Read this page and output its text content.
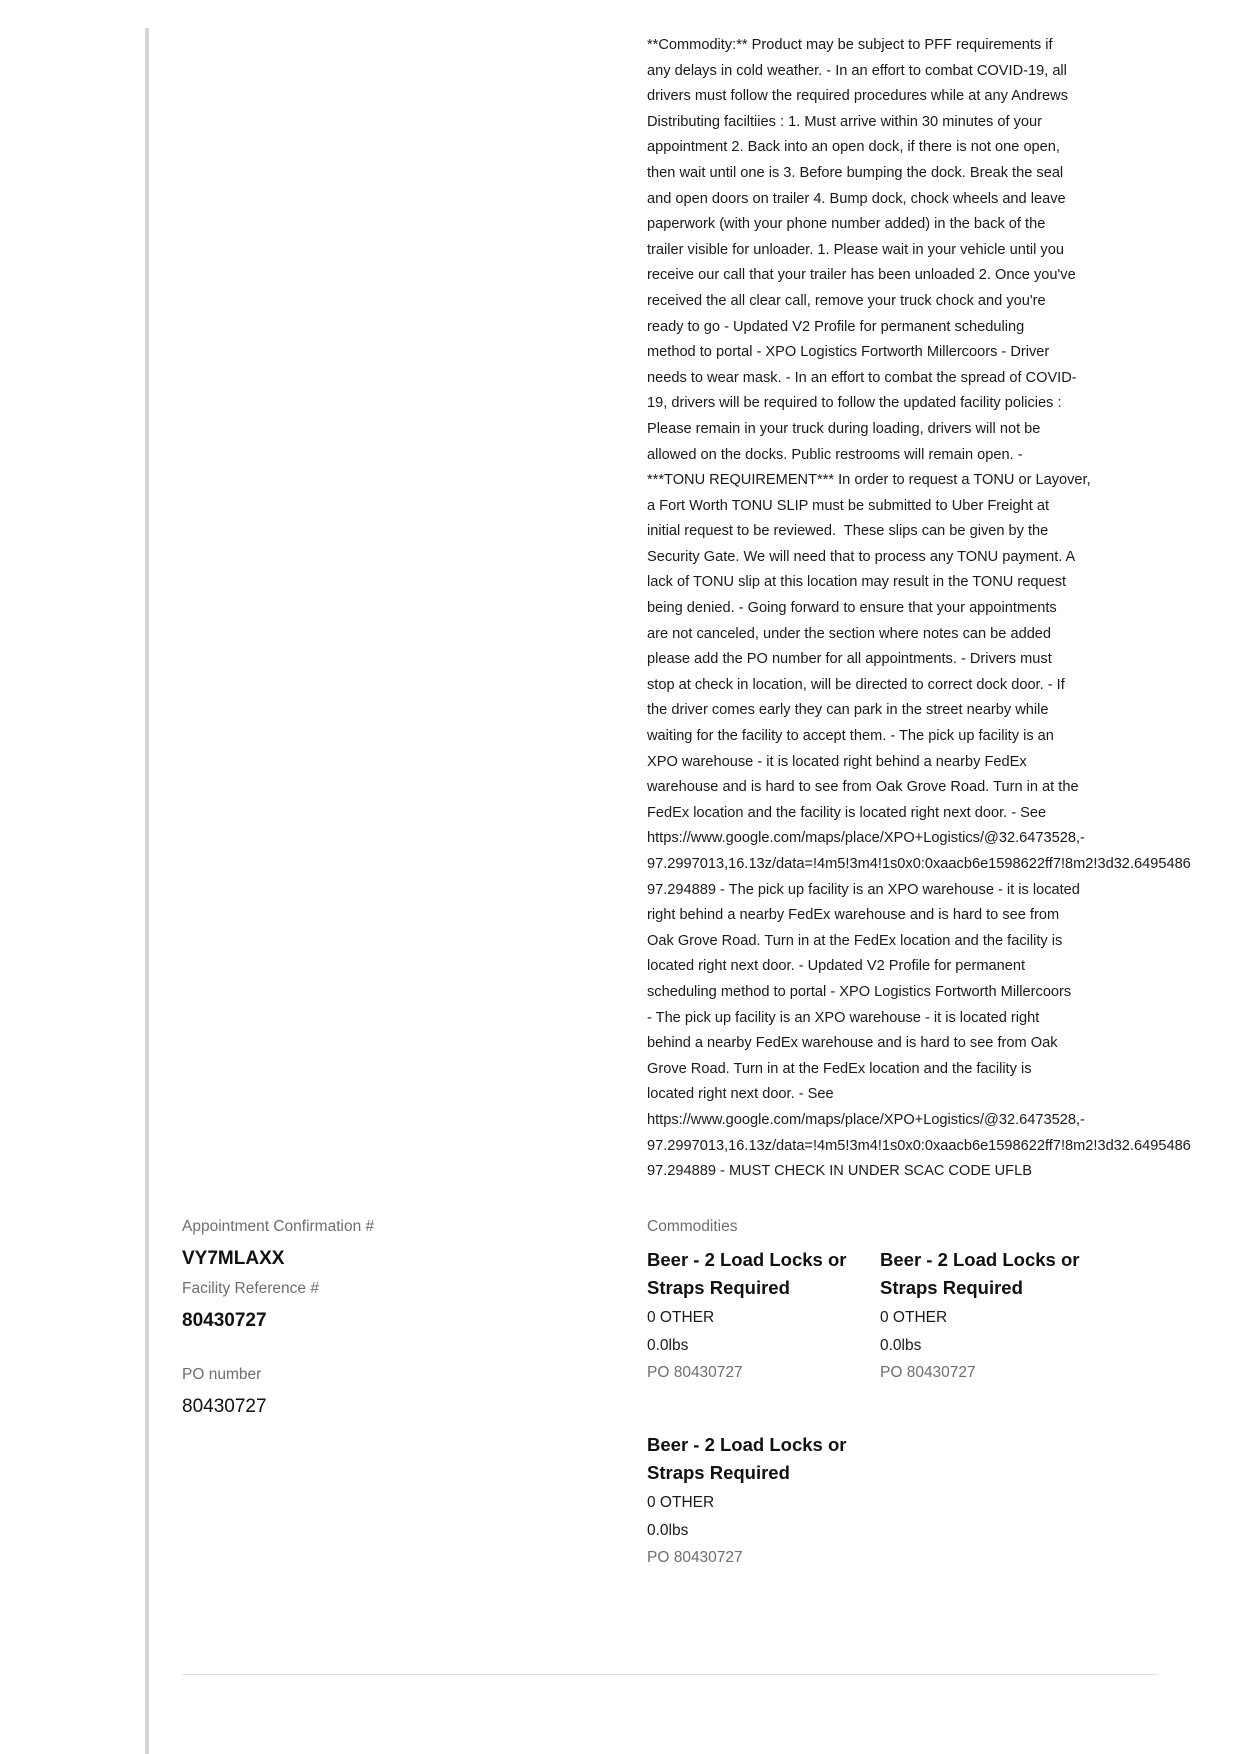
**Commodity:** Product may be subject to PFF requirements if
any delays in cold weather. - In an effort to combat COVID-19, all
drivers must follow the required procedures while at any Andrews
Distributing faciltiies : 1. Must arrive within 30 minutes of your
appointment 2. Back into an open dock, if there is not one open,
then wait until one is 3. Before bumping the dock. Break the seal
and open doors on trailer 4. Bump dock, chock wheels and leave
paperwork (with your phone number added) in the back of the
trailer visible for unloader. 1. Please wait in your vehicle until you
receive our call that your trailer has been unloaded 2. Once you've
received the all clear call, remove your truck chock and you're
ready to go - Updated V2 Profile for permanent scheduling
method to portal - XPO Logistics Fortworth Millercoors - Driver
needs to wear mask. - In an effort to combat the spread of COVID-
19, drivers will be required to follow the updated facility policies :
Please remain in your truck during loading, drivers will not be
allowed on the docks. Public restrooms will remain open. -
***TONU REQUIREMENT*** In order to request a TONU or Layover,
a Fort Worth TONU SLIP must be submitted to Uber Freight at
initial request to be reviewed.  These slips can be given by the
Security Gate. We will need that to process any TONU payment. A
lack of TONU slip at this location may result in the TONU request
being denied. - Going forward to ensure that your appointments
are not canceled, under the section where notes can be added
please add the PO number for all appointments. - Drivers must
stop at check in location, will be directed to correct dock door. - If
the driver comes early they can park in the street nearby while
waiting for the facility to accept them. - The pick up facility is an
XPO warehouse - it is located right behind a nearby FedEx
warehouse and is hard to see from Oak Grove Road. Turn in at the
FedEx location and the facility is located right next door. - See
https://www.google.com/maps/place/XPO+Logistics/@32.6473528,-
97.2997013,16.13z/data=!4m5!3m4!1s0x0:0xaacb6e1598622ff7!8m2!3d32.6495486
97.294889 - The pick up facility is an XPO warehouse - it is located
right behind a nearby FedEx warehouse and is hard to see from
Oak Grove Road. Turn in at the FedEx location and the facility is
located right next door. - Updated V2 Profile for permanent
scheduling method to portal - XPO Logistics Fortworth Millercoors
- The pick up facility is an XPO warehouse - it is located right
behind a nearby FedEx warehouse and is hard to see from Oak
Grove Road. Turn in at the FedEx location and the facility is
located right next door. - See
https://www.google.com/maps/place/XPO+Logistics/@32.6473528,-
97.2997013,16.13z/data=!4m5!3m4!1s0x0:0xaacb6e1598622ff7!8m2!3d32.6495486
97.294889 - MUST CHECK IN UNDER SCAC CODE UFLB
Appointment Confirmation #
VY7MLAXX
Facility Reference #
80430727
PO number
80430727
Commodities
Beer - 2 Load Locks or Straps Required
0 OTHER
0.0lbs
PO 80430727
Beer - 2 Load Locks or Straps Required
0 OTHER
0.0lbs
PO 80430727
Beer - 2 Load Locks or Straps Required
0 OTHER
0.0lbs
PO 80430727
